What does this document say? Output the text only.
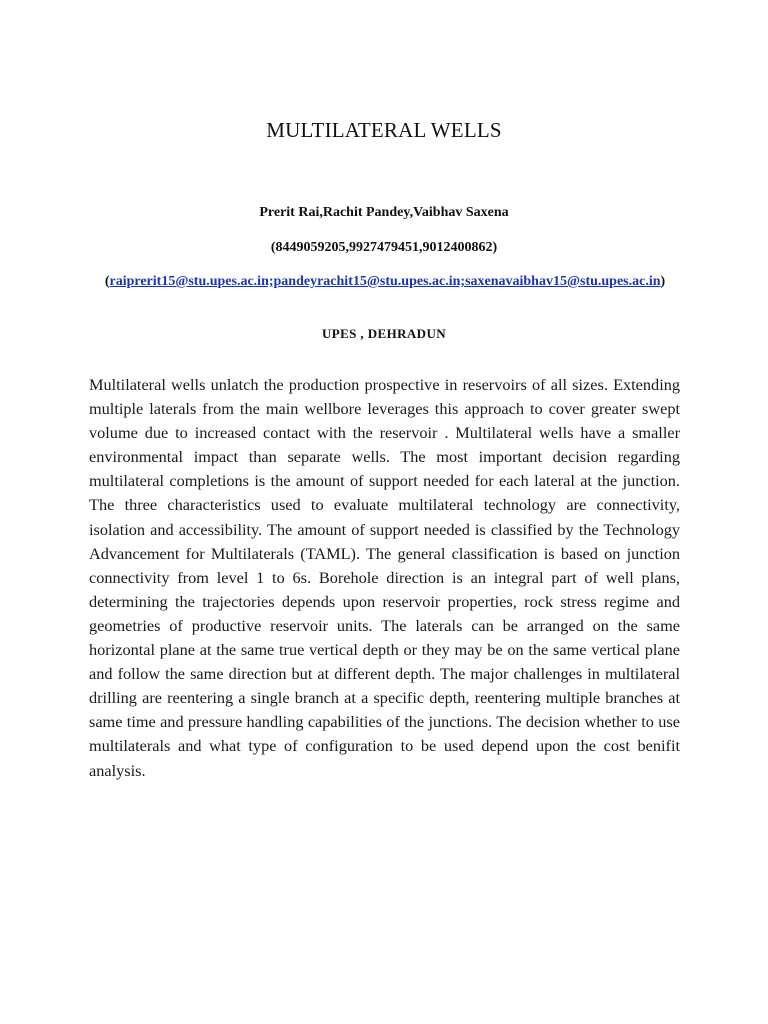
MULTILATERAL WELLS
Prerit Rai,Rachit Pandey,Vaibhav Saxena
(8449059205,9927479451,9012400862)
(raiprerit15@stu.upes.ac.in;pandeyrachit15@stu.upes.ac.in;saxenavaibhav15@stu.upes.ac.in)
UPES , DEHRADUN

Multilateral wells unlatch the production prospective in reservoirs of all sizes. Extending multiple laterals from the main wellbore leverages this approach to cover greater swept volume due to increased contact with the reservoir . Multilateral wells have a smaller environmental impact than separate wells. The most important decision regarding multilateral completions is the amount of support needed for each lateral at the junction. The three characteristics used to evaluate multilateral technology are connectivity, isolation and accessibility. The amount of support needed is classified by the Technology Advancement for Multilaterals (TAML). The general classification is based on junction connectivity from level 1 to 6s. Borehole direction is an integral part of well plans, determining the trajectories depends upon reservoir properties, rock stress regime and geometries of productive reservoir units. The laterals can be arranged on the same horizontal plane at the same true vertical depth or they may be on the same vertical plane and follow the same direction but at different depth. The major challenges in multilateral drilling are reentering a single branch at a specific depth, reentering multiple branches at same time and pressure handling capabilities of the junctions. The decision whether to use multilaterals and what type of configuration to be used depend upon the cost benifit analysis.
